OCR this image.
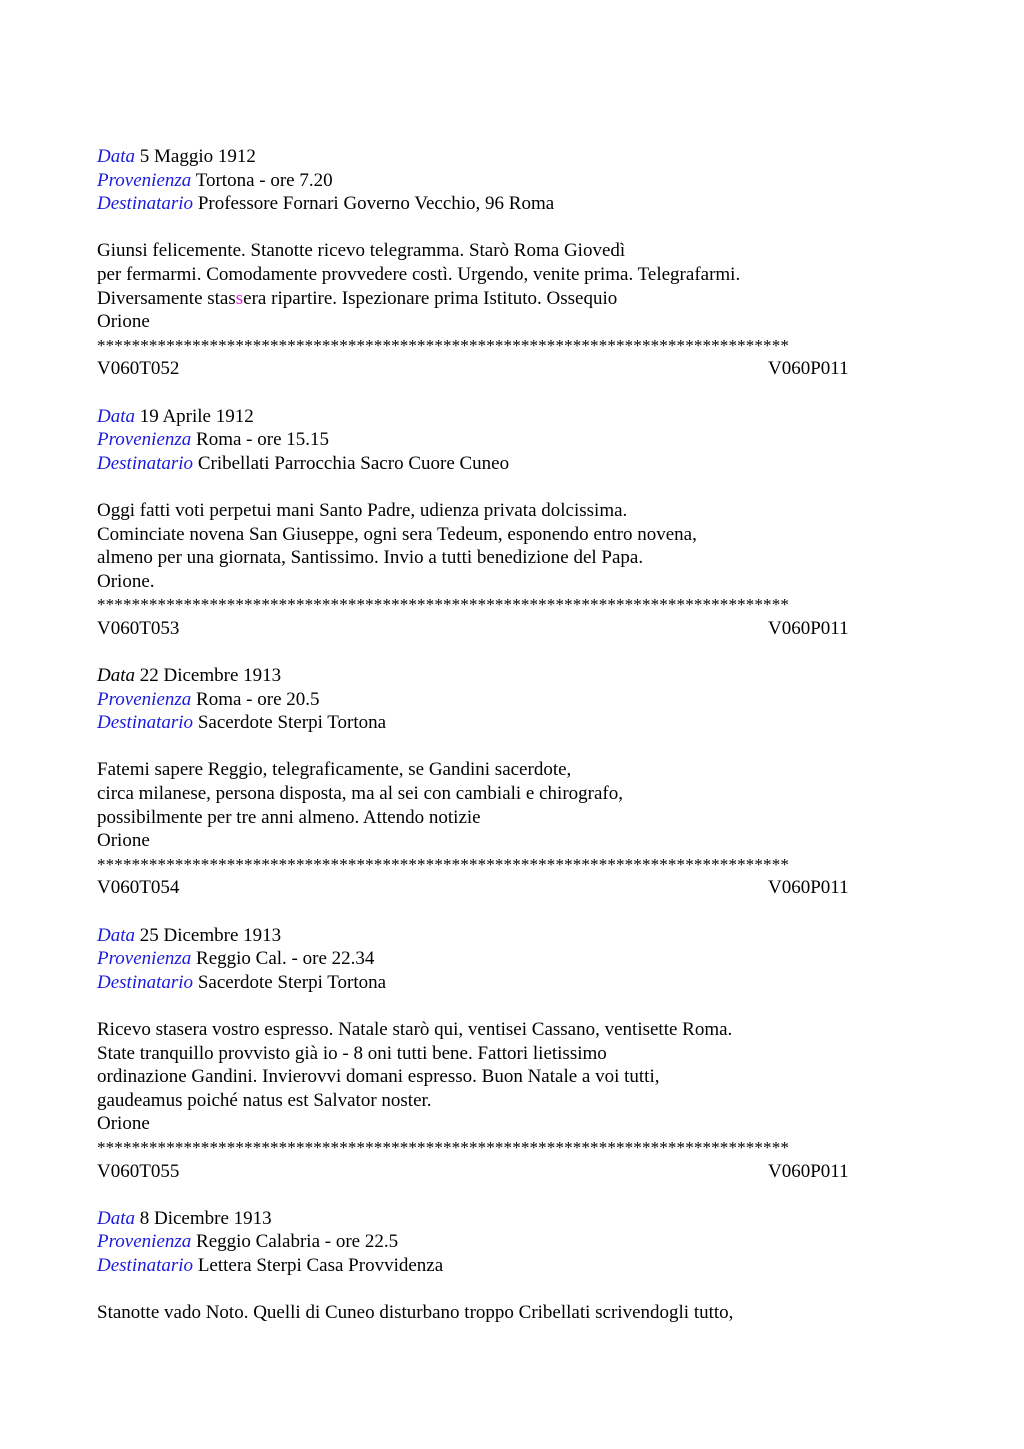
Data 5 Maggio 1912
Provenienza Tortona - ore 7.20
Destinatario Professore Fornari Governo Vecchio, 96 Roma
Giunsi felicemente. Stanotte ricevo telegramma. Starò Roma Giovedì
per fermarmi. Comodamente provvedere costì. Urgendo, venite prima. Telegrafarmi.
Diversamente stassera ripartire. Ispezionare prima Istituto. Ossequio
Orione
********************************************************************************
V060T052	V060P011
Data 19 Aprile 1912
Provenienza Roma - ore 15.15
Destinatario Cribellati Parrocchia Sacro Cuore Cuneo
Oggi fatti voti perpetui mani Santo Padre, udienza privata dolcissima.
Cominciate novena San Giuseppe, ogni sera Tedeum, esponendo entro novena,
almeno per una giornata, Santissimo. Invio a tutti benedizione del Papa.
Orione.
********************************************************************************
V060T053	V060P011
Data 22 Dicembre 1913
Provenienza Roma - ore 20.5
Destinatario Sacerdote Sterpi Tortona
Fatemi sapere Reggio, telegraficamente, se Gandini sacerdote,
circa milanese, persona disposta, ma al sei con cambiali e chirografo,
possibilmente per tre anni almeno. Attendo notizie
Orione
********************************************************************************
V060T054	V060P011
Data 25 Dicembre 1913
Provenienza Reggio Cal. - ore 22.34
Destinatario Sacerdote Sterpi Tortona
Ricevo stasera vostro espresso. Natale starò qui, ventisei Cassano, ventisette Roma.
State tranquillo provvisto già io - 8 oni tutti bene. Fattori lietissimo
ordinazione Gandini. Invierovvi domani espresso. Buon Natale a voi tutti,
gaudeamus poiché natus est Salvator noster.
Orione
********************************************************************************
V060T055	V060P011
Data 8 Dicembre 1913
Provenienza Reggio Calabria - ore 22.5
Destinatario Lettera Sterpi Casa Provvidenza
Stanotte vado Noto. Quelli di Cuneo disturbano troppo Cribellati scrivendogli tutto,
